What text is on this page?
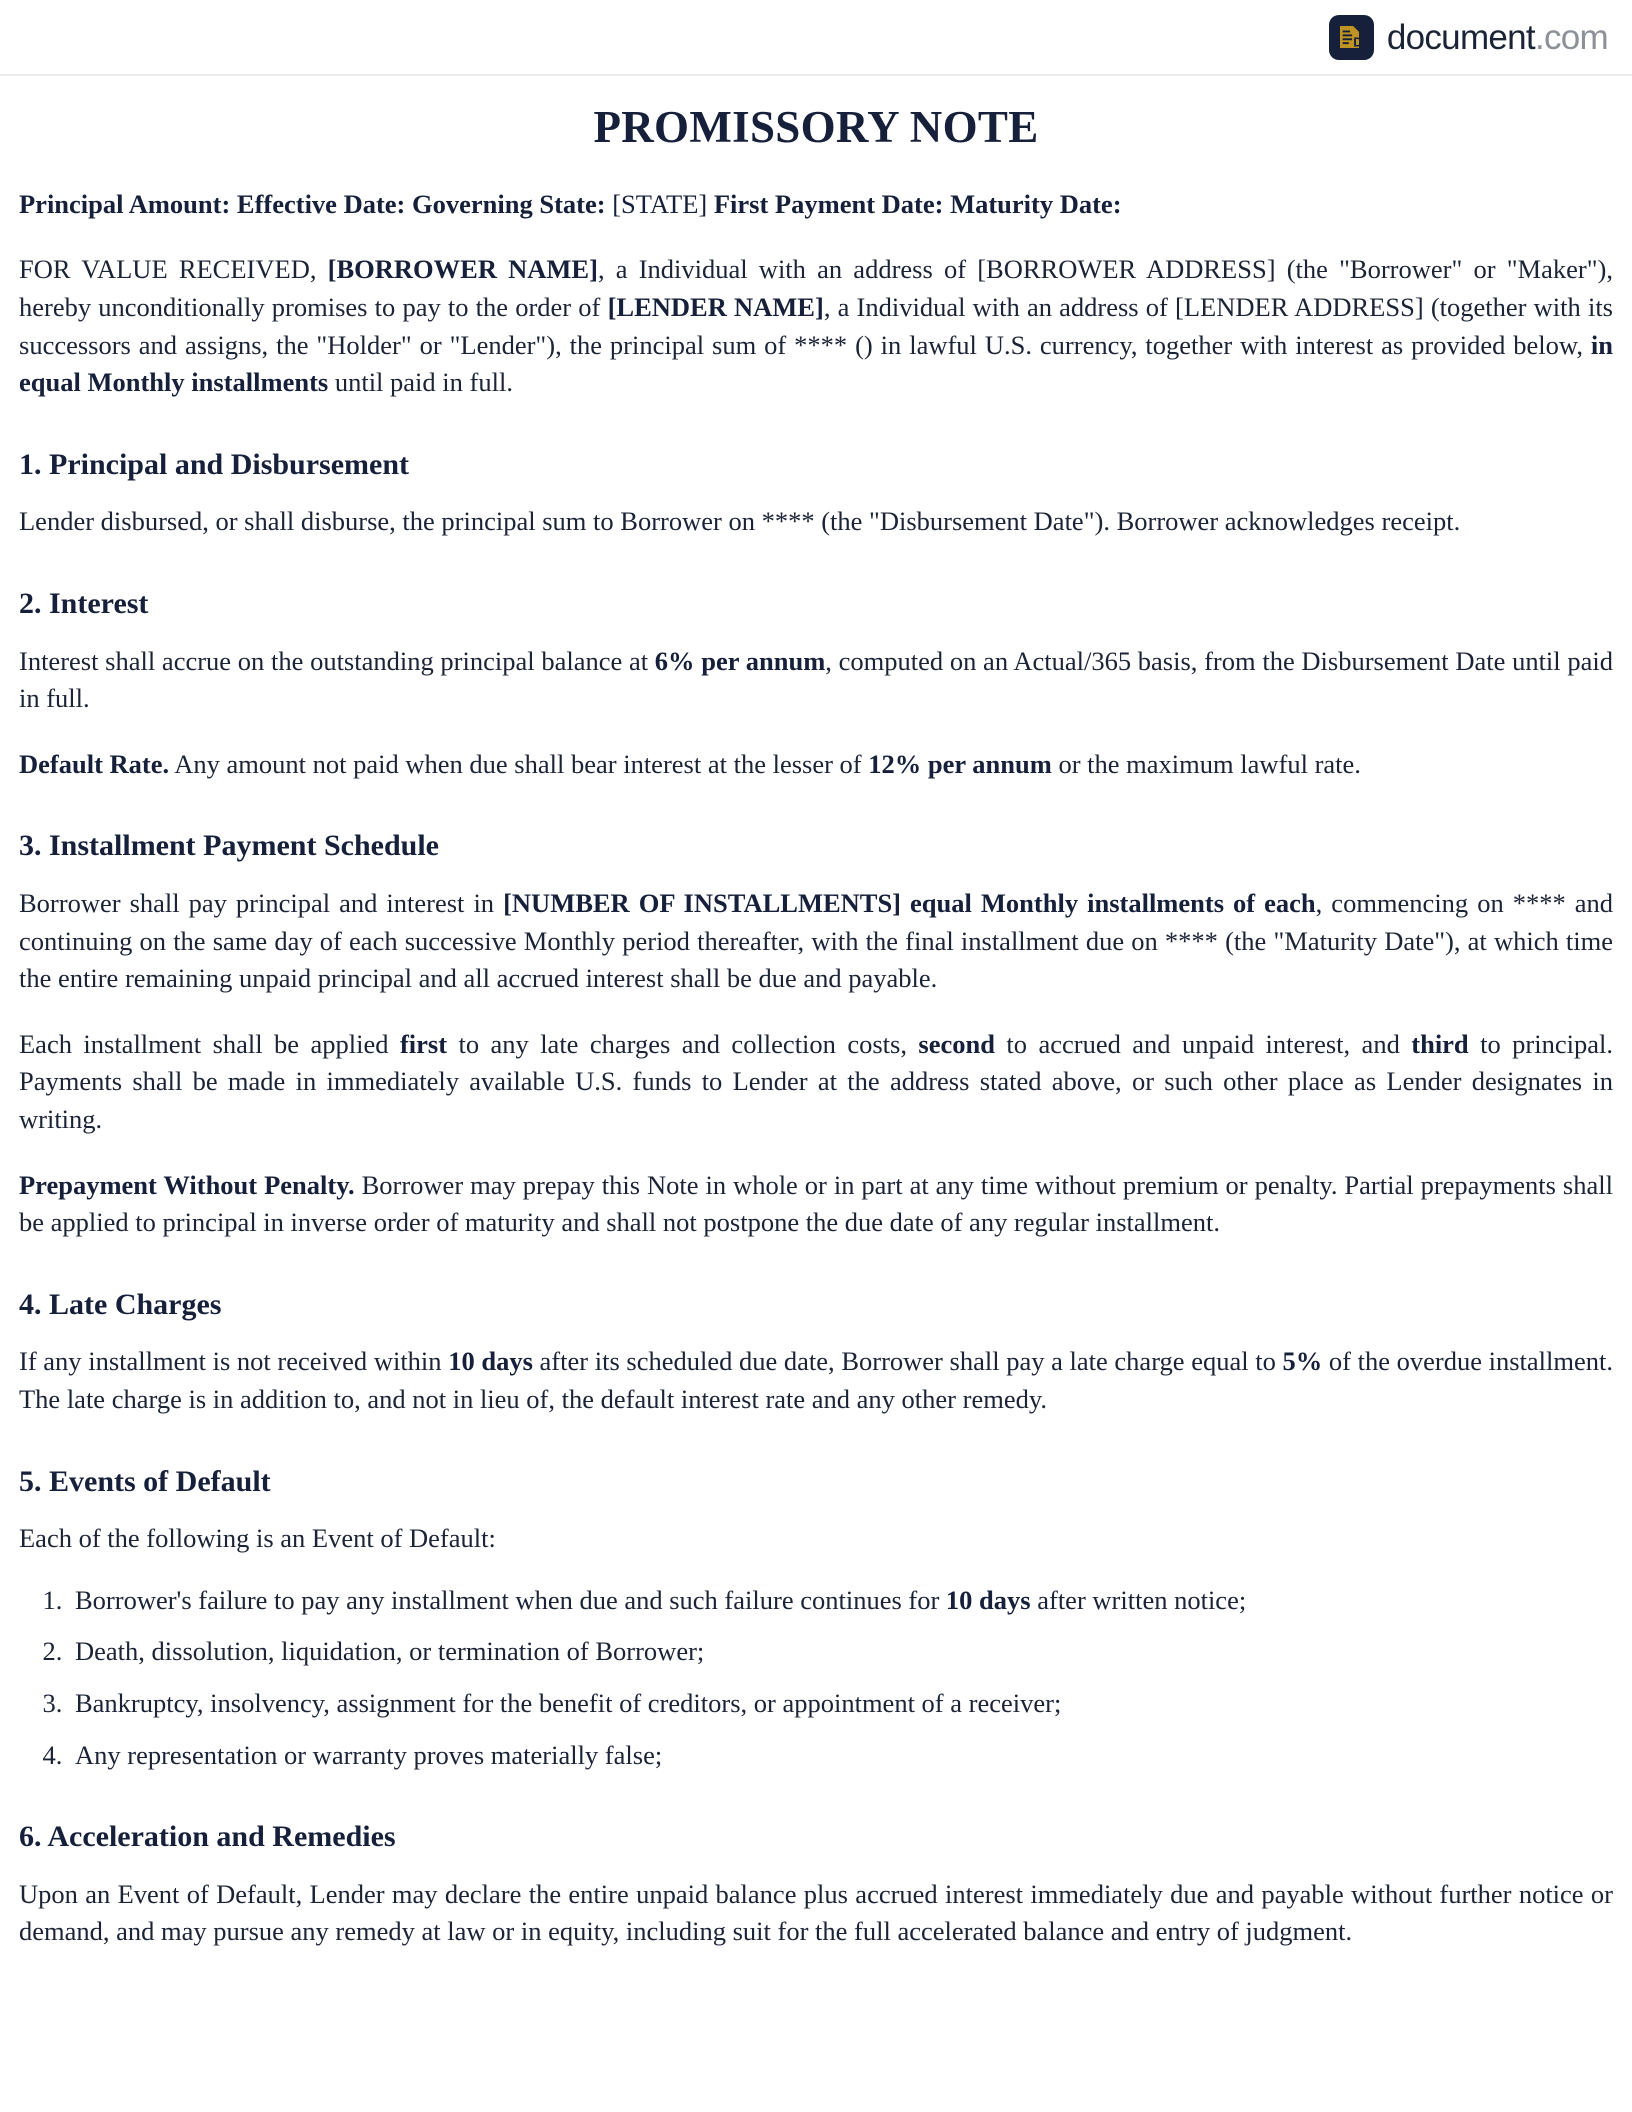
D document.com
PROMISSORY NOTE

Principal Amount: Effective Date: Governing State: [STATE] First Payment Date: Maturity Date:

FOR VALUE RECEIVED, [BORROWER NAME], a Individual with an address of [BORROWER ADDRESS] (the "Borrower" or "Maker"), hereby unconditionally promises to pay to the order of [LENDER NAME], a Individual with an address of [LENDER ADDRESS] (together with its successors and assigns, the "Holder" or "Lender"), the principal sum of **** () in lawful U.S. currency, together with interest as provided below, in equal Monthly installments until paid in full.

1. Principal and Disbursement

Lender disbursed, or shall disburse, the principal sum to Borrower on **** (the "Disbursement Date"). Borrower acknowledges receipt.

2. Interest

Interest shall accrue on the outstanding principal balance at 6% per annum, computed on an Actual/365 basis, from the Disbursement Date until paid in full.

Default Rate. Any amount not paid when due shall bear interest at the lesser of 12% per annum or the maximum lawful rate.

3. Installment Payment Schedule

Borrower shall pay principal and interest in [NUMBER OF INSTALLMENTS] equal Monthly installments of each, commencing on **** and continuing on the same day of each successive Monthly period thereafter, with the final installment due on **** (the "Maturity Date"), at which time the entire remaining unpaid principal and all accrued interest shall be due and payable.

Each installment shall be applied first to any late charges and collection costs, second to accrued and unpaid interest, and third to principal. Payments shall be made in immediately available U.S. funds to Lender at the address stated above, or such other place as Lender designates in writing.

Prepayment Without Penalty. Borrower may prepay this Note in whole or in part at any time without premium or penalty. Partial prepayments shall be applied to principal in inverse order of maturity and shall not postpone the due date of any regular installment.

4. Late Charges

If any installment is not received within 10 days after its scheduled due date, Borrower shall pay a late charge equal to 5% of the overdue installment. The late charge is in addition to, and not in lieu of, the default interest rate and any other remedy.

5. Events of Default

Each of the following is an Event of Default:

1. Borrower's failure to pay any installment when due and such failure continues for 10 days after written notice;
2. Death, dissolution, liquidation, or termination of Borrower;
3. Bankruptcy, insolvency, assignment for the benefit of creditors, or appointment of a receiver;
4. Any representation or warranty proves materially false;
6. Acceleration and Remedies

Upon an Event of Default, Lender may declare the entire unpaid balance plus accrued interest immediately due and payable without further notice or demand, and may pursue any remedy at law or in equity, including suit for the full accelerated balance and entry of judgment.
